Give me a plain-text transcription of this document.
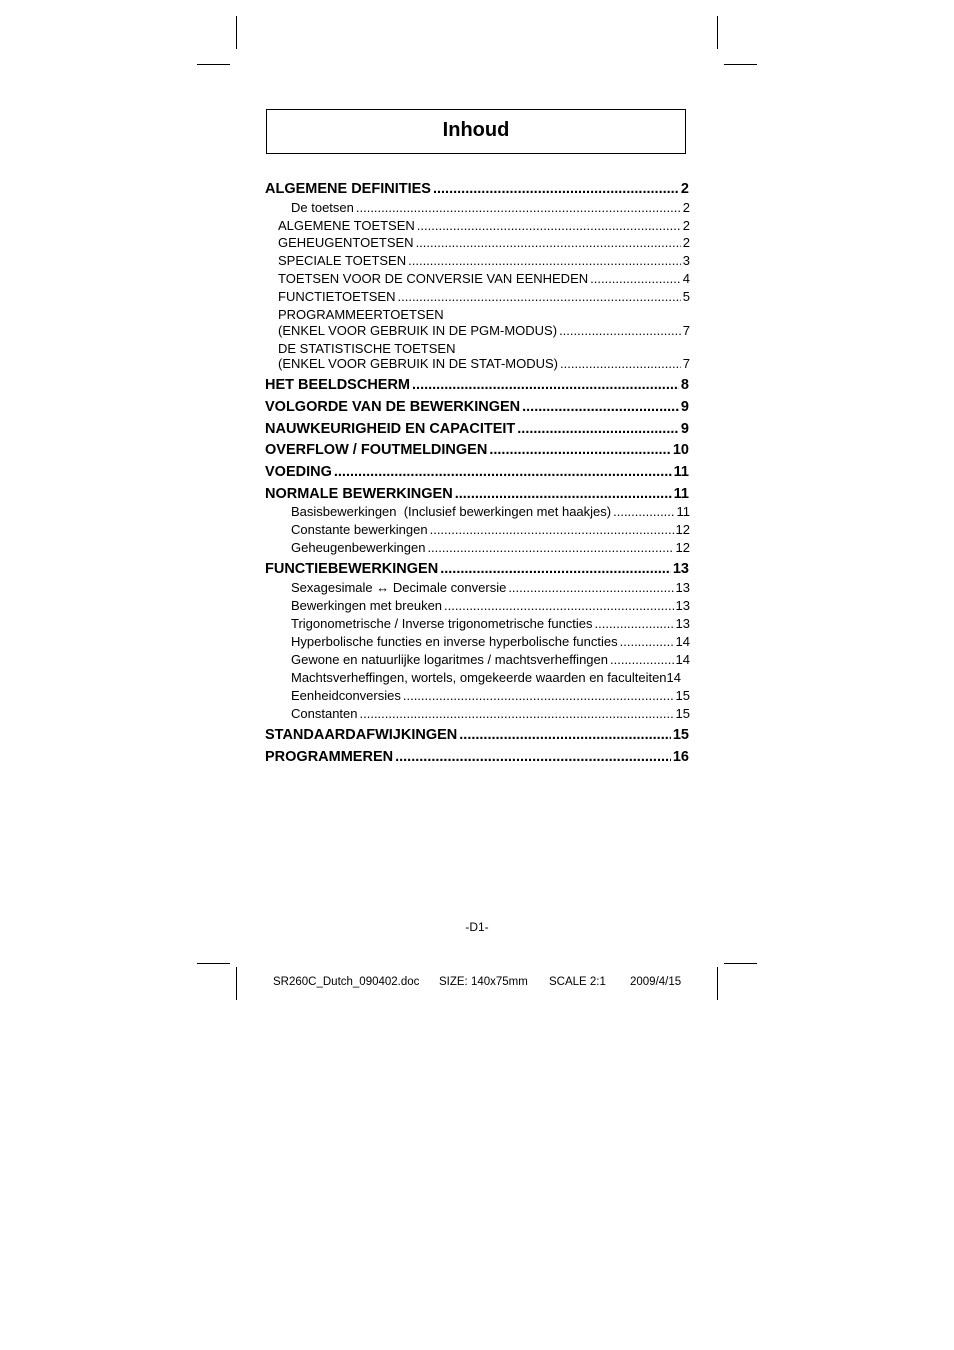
Inhoud
ALGEMENE DEFINITIES .....	2
De toetsen .....	2
ALGEMENE TOETSEN .....	2
GEHEUGENTOETSEN .....	2
SPECIALE TOETSEN .....	3
TOETSEN VOOR DE CONVERSIE VAN EENHEDEN .....	4
FUNCTIETOETSEN .....	5
PROGRAMMEERTOETSEN
(ENKEL VOOR GEBRUIK IN DE PGM-MODUS) .....	7
DE STATISTISCHE TOETSEN
(ENKEL VOOR GEBRUIK IN DE STAT-MODUS) .....	7
HET BEELDSCHERM .....	8
VOLGORDE VAN DE BEWERKINGEN .....	9
NAUWKEURIGHEID EN CAPACITEIT .....	9
OVERFLOW / FOUTMELDINGEN .....	10
VOEDING .....	11
NORMALE BEWERKINGEN .....	11
Basisbewerkingen  (Inclusief bewerkingen met haakjes) .....	11
Constante bewerkingen .....	12
Geheugenbewerkingen .....	12
FUNCTIEBEWERKINGEN .....	13
Sexagesimale ↔ Decimale conversie .....	13
Bewerkingen met breuken .....	13
Trigonometrische / Inverse trigonometrische functies .....	13
Hyperbolische functies en inverse hyperbolische functies .....	14
Gewone en natuurlijke logaritmes / machtsverheffingen .....	14
Machtsverheffingen, wortels, omgekeerde waarden en faculteiten14
Eenheidconversies .....	15
Constanten .....	15
STANDAARDAFWIJKINGEN .....	15
PROGRAMMEREN .....	16
-D1-
SR260C_Dutch_090402.doc SIZE: 140x75mm SCALE 2:1 2009/4/15
